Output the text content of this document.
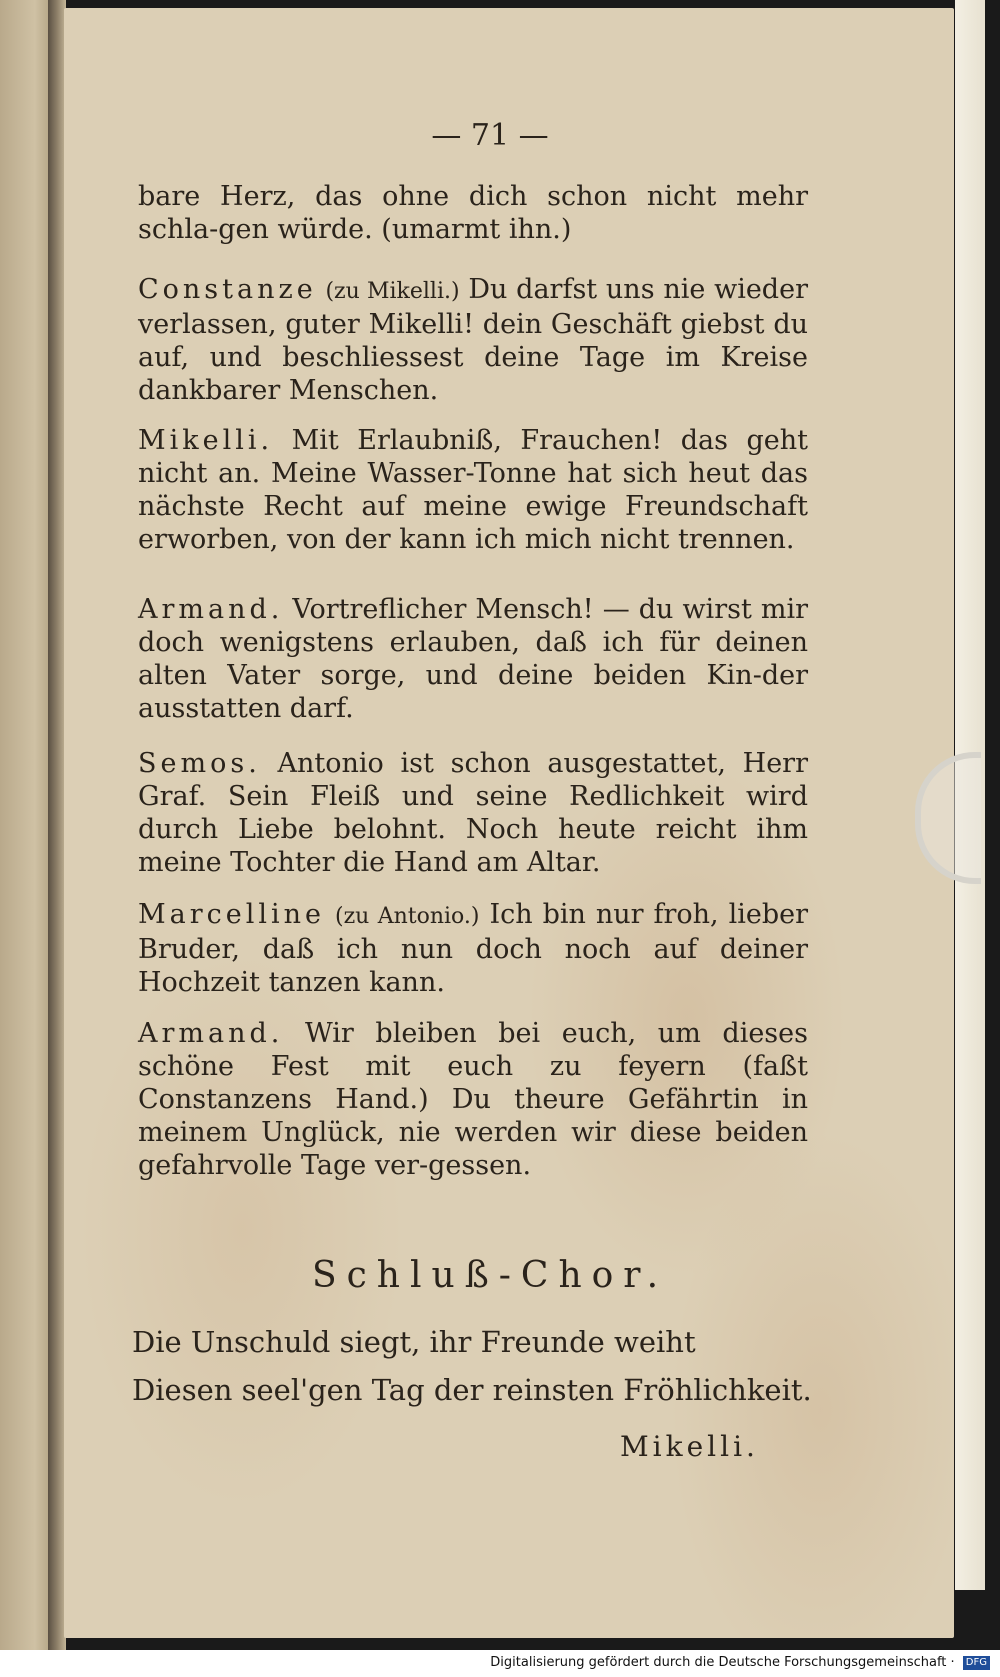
— 71 —
bare Herz, das ohne dich schon nicht mehr schla-gen würde. (umarmt ihn.)
Constanze (zu Mikelli.) Du darfst uns nie wieder verlassen, guter Mikelli! dein Geschäft giebst du auf, und beschliessest deine Tage im Kreise dankbarer Menschen.
Mikelli. Mit Erlaubniß, Frauchen! das geht nicht an. Meine Wasser-Tonne hat sich heut das nächste Recht auf meine ewige Freundschaft erworben, von der kann ich mich nicht trennen.
Armand. Vortreflicher Mensch! — du wirst mir doch wenigstens erlauben, daß ich für deinen alten Vater sorge, und deine beiden Kin-der ausstatten darf.
Semos. Antonio ist schon ausgestattet, Herr Graf. Sein Fleiß und seine Redlichkeit wird durch Liebe belohnt. Noch heute reicht ihm meine Tochter die Hand am Altar.
Marcelline (zu Antonio.) Ich bin nur froh, lieber Bruder, daß ich nun doch noch auf deiner Hochzeit tanzen kann.
Armand. Wir bleiben bei euch, um dieses schöne Fest mit euch zu feyern (faßt Constanzens Hand.) Du theure Gefährtin in meinem Unglück, nie werden wir diese beiden gefahrvolle Tage ver-gessen.
Schluß-Chor.
Die Unschuld siegt, ihr Freunde weiht
Diesen seel'gen Tag der reinsten Fröhlichkeit.
Mikelli.
Digitalisierung gefördert durch die Deutsche Forschungsgemeinschaft · DFG
